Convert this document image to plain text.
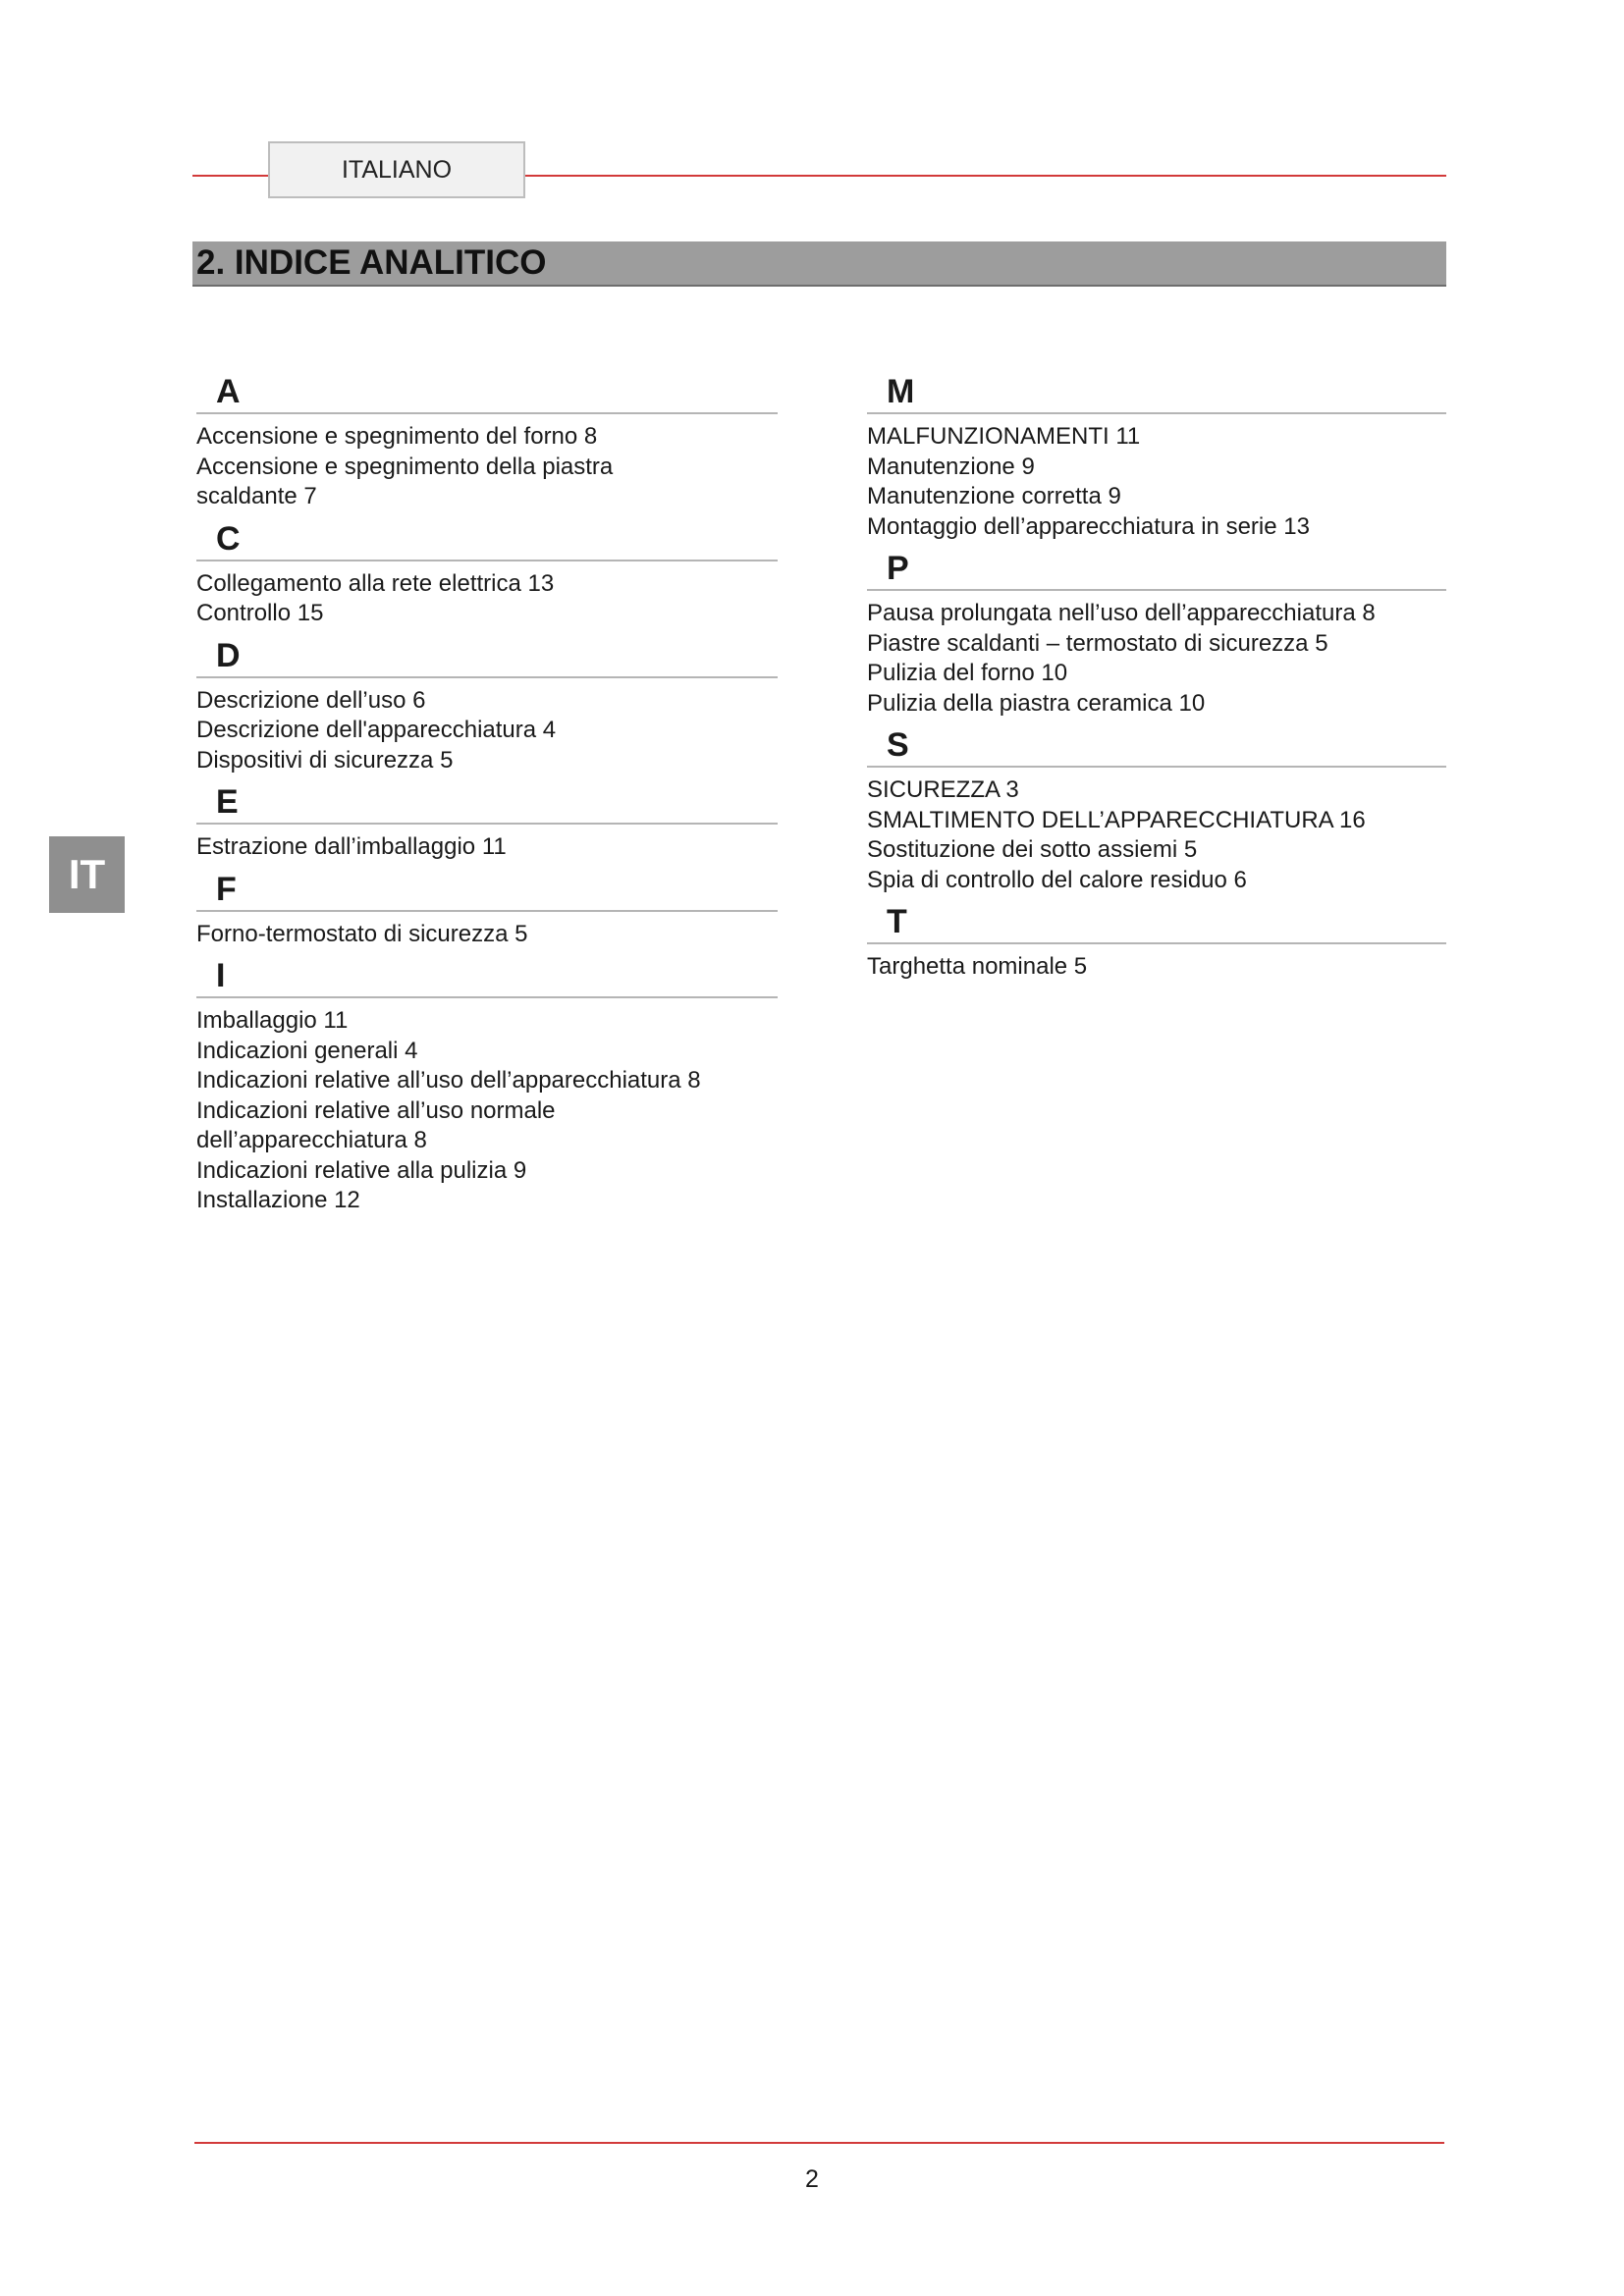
ITALIANO
2. INDICE ANALITICO
IT
A
Accensione e spegnimento del forno 8
Accensione e spegnimento della piastra
scaldante 7
C
Collegamento alla rete elettrica 13
Controllo 15
D
Descrizione dell’uso 6
Descrizione dell'apparecchiatura 4
Dispositivi di sicurezza 5
E
Estrazione dall’imballaggio 11
F
Forno-termostato di sicurezza 5
I
Imballaggio 11
Indicazioni generali 4
Indicazioni relative all’uso dell’apparecchiatura 8
Indicazioni relative all’uso normale
dell’apparecchiatura 8
Indicazioni relative alla pulizia 9
Installazione 12
M
MALFUNZIONAMENTI 11
Manutenzione 9
Manutenzione corretta 9
Montaggio dell’apparecchiatura in serie 13
P
Pausa prolungata nell’uso dell’apparecchiatura 8
Piastre scaldanti – termostato di sicurezza 5
Pulizia del forno 10
Pulizia della piastra ceramica 10
S
SICUREZZA 3
SMALTIMENTO DELL’APPARECCHIATURA 16
Sostituzione dei sotto assiemi 5
Spia di controllo del calore residuo 6
T
Targhetta nominale 5
2
